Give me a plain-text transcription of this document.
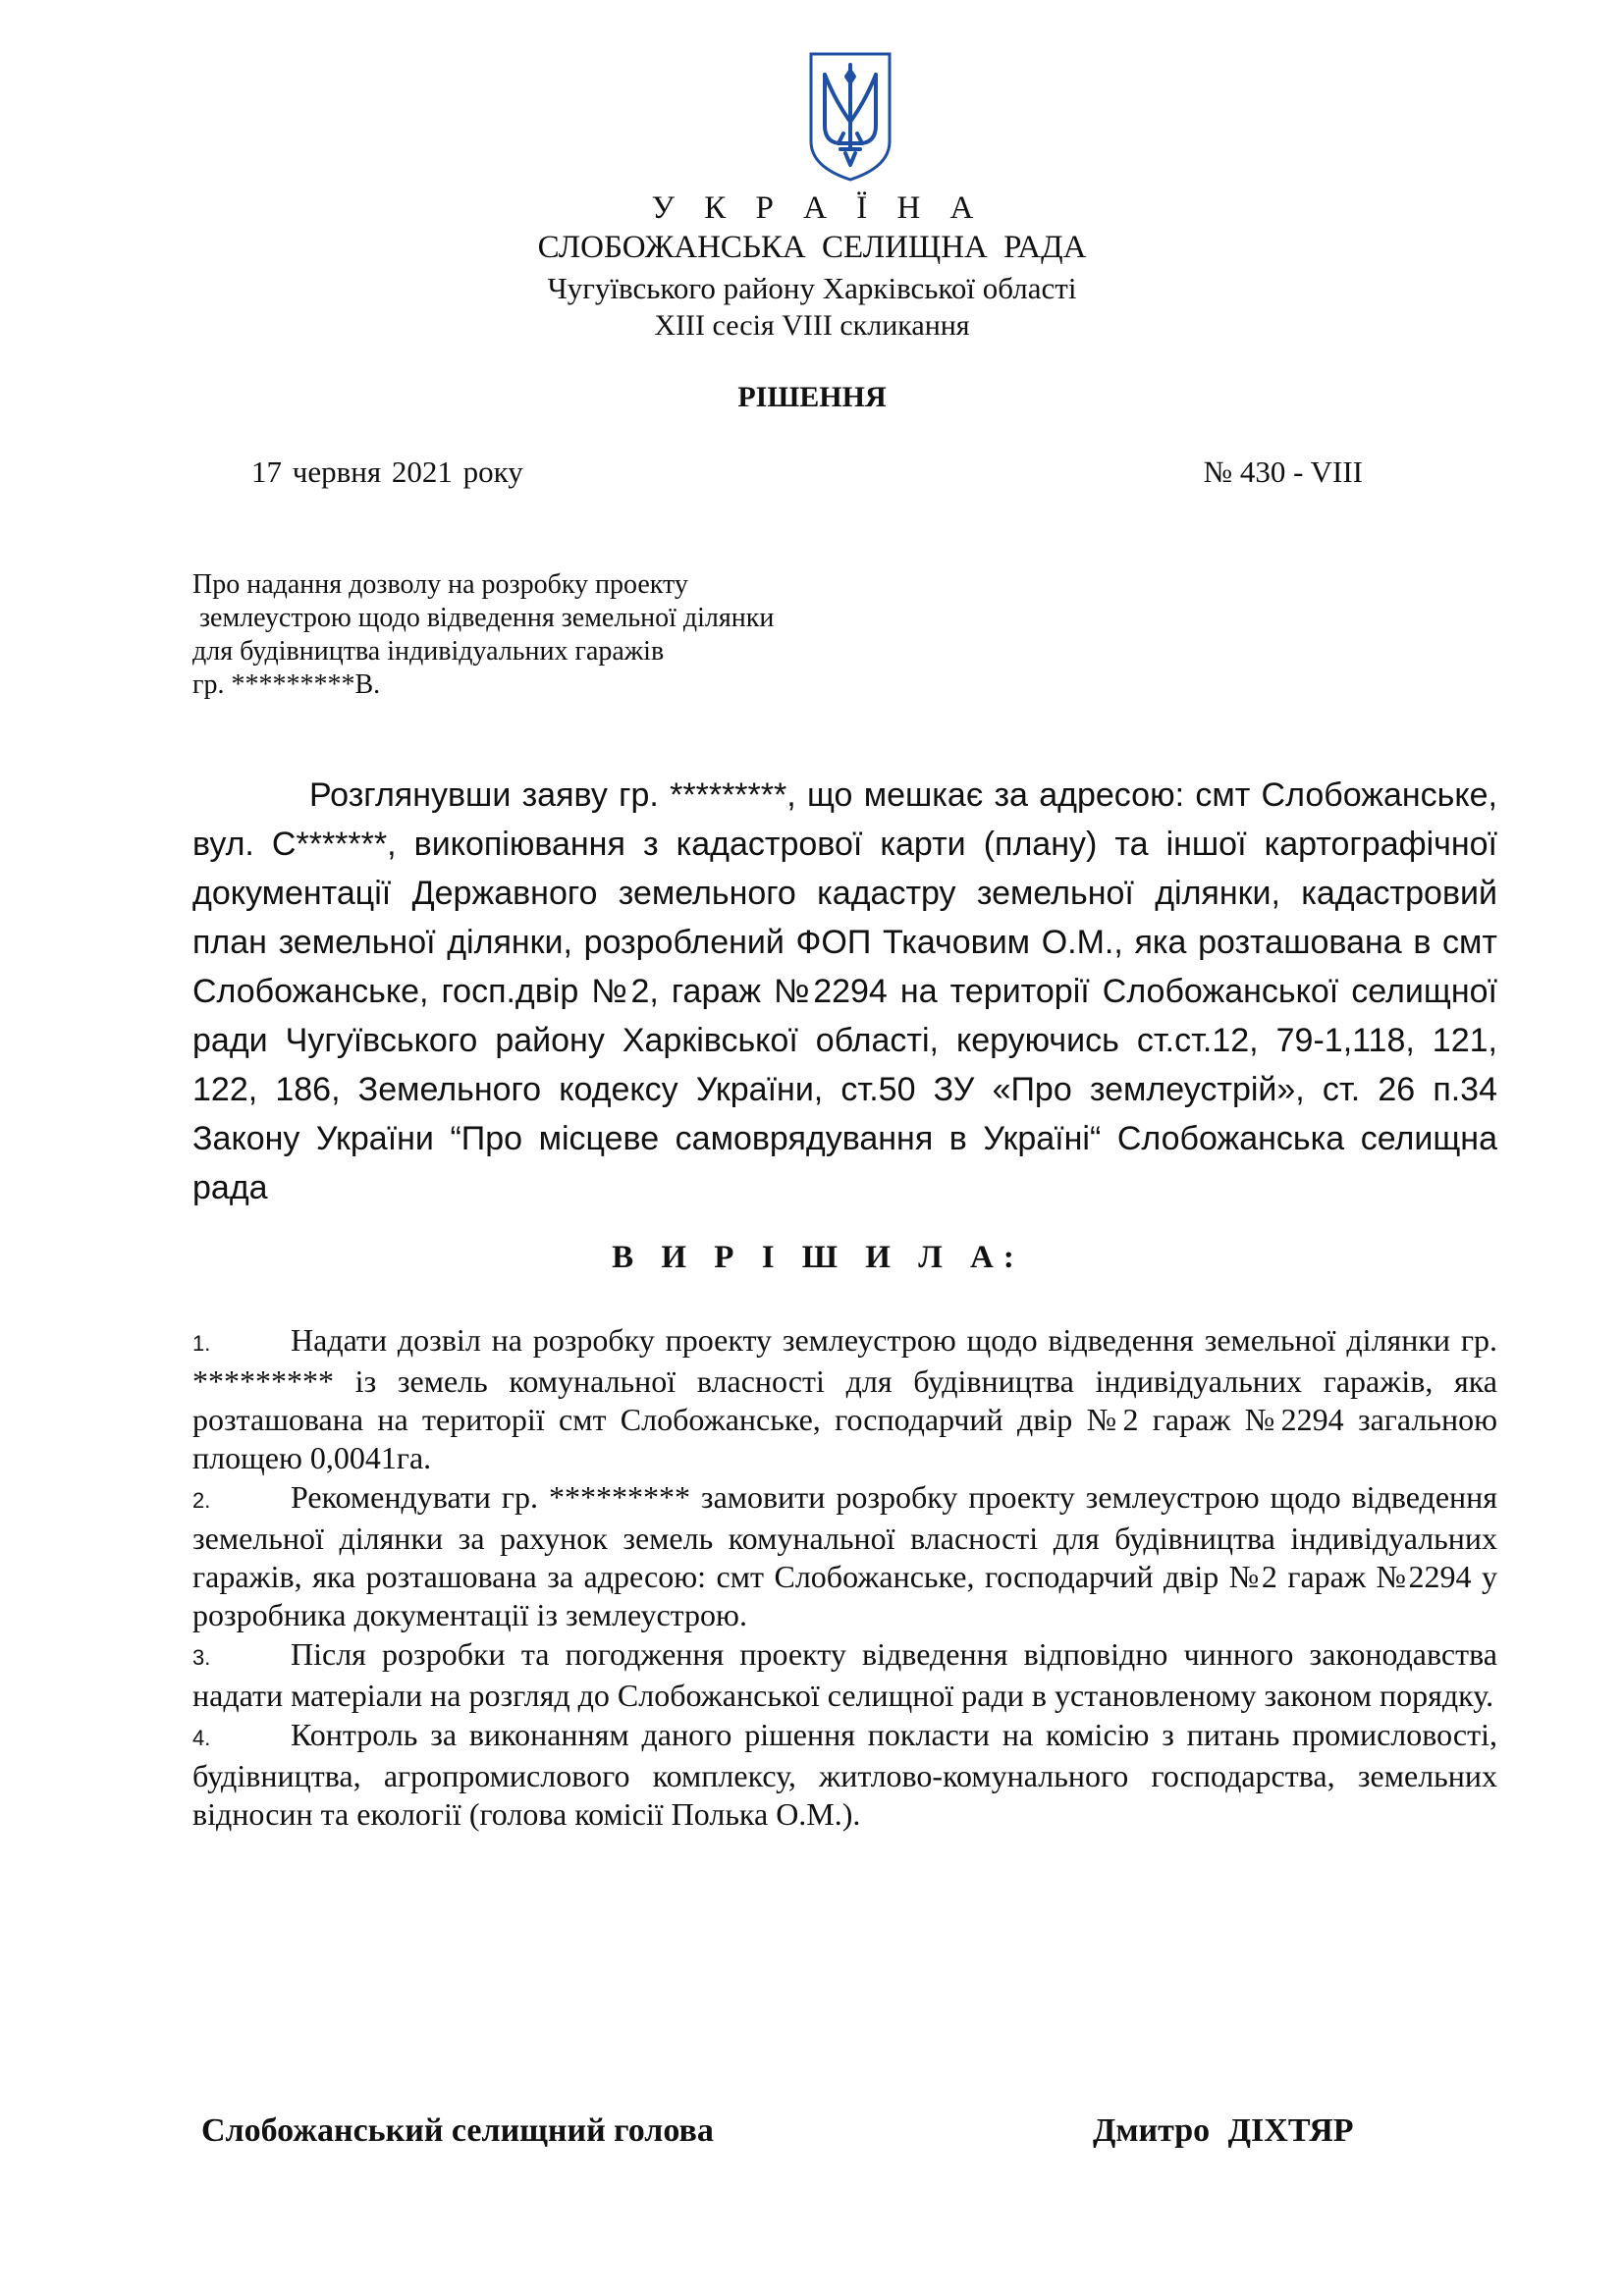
У К Р А Ї Н А
СЛОБОЖАНСЬКА СЕЛИЩНА РАДА
Чугуївського району Харківської області
XIII сесія VIII скликання
РІШЕННЯ
17 червня 2021 року	№ 430 - VIII
Про надання дозволу на розробку проекту
землеустрою щодо відведення земельної ділянки
для будівництва індивідуальних гаражів
гр. *********В.
Розглянувши заяву гр. *********, що мешкає за адресою: смт Слобожанське, вул. С*******, викопіювання з кадастрової карти (плану) та іншої картографічної документації Державного земельного кадастру земельної ділянки, кадастровий план земельної ділянки, розроблений ФОП Ткачовим О.М., яка розташована в смт Слобожанське, госп.двір №2, гараж №2294 на території Слобожанської селищної ради Чугуївського району Харківської області, керуючись ст.ст.12, 79-1,118, 121, 122, 186, Земельного кодексу України, ст.50 ЗУ «Про землеустрій», ст. 26 п.34 Закону України “Про місцеве самоврядування в Україні“ Слобожанська селищна рада
В И Р І Ш И Л А:
1.	Надати дозвіл на розробку проекту землеустрою щодо відведення земельної ділянки гр. ********* із земель комунальної власності для будівництва індивідуальних гаражів, яка розташована на території смт Слобожанське, господарчий двір №2 гараж №2294 загальною площею 0,0041га.
2.	Рекомендувати гр. ********* замовити розробку проекту землеустрою щодо відведення земельної ділянки за рахунок земель комунальної власності для будівництва індивідуальних гаражів, яка розташована за адресою: смт Слобожанське, господарчий двір №2 гараж №2294 у розробника документації із землеустрою.
3.	Після розробки та погодження проекту відведення відповідно чинного законодавства надати матеріали на розгляд до Слобожанської селищної ради в установленому законом порядку.
4.	Контроль за виконанням даного рішення покласти на комісію з питань промисловості, будівництва, агропромислового комплексу, житлово-комунального господарства, земельних відносин та екології (голова комісії Полька О.М.).
Слобожанський селищний голова	Дмитро ДІХТЯР
